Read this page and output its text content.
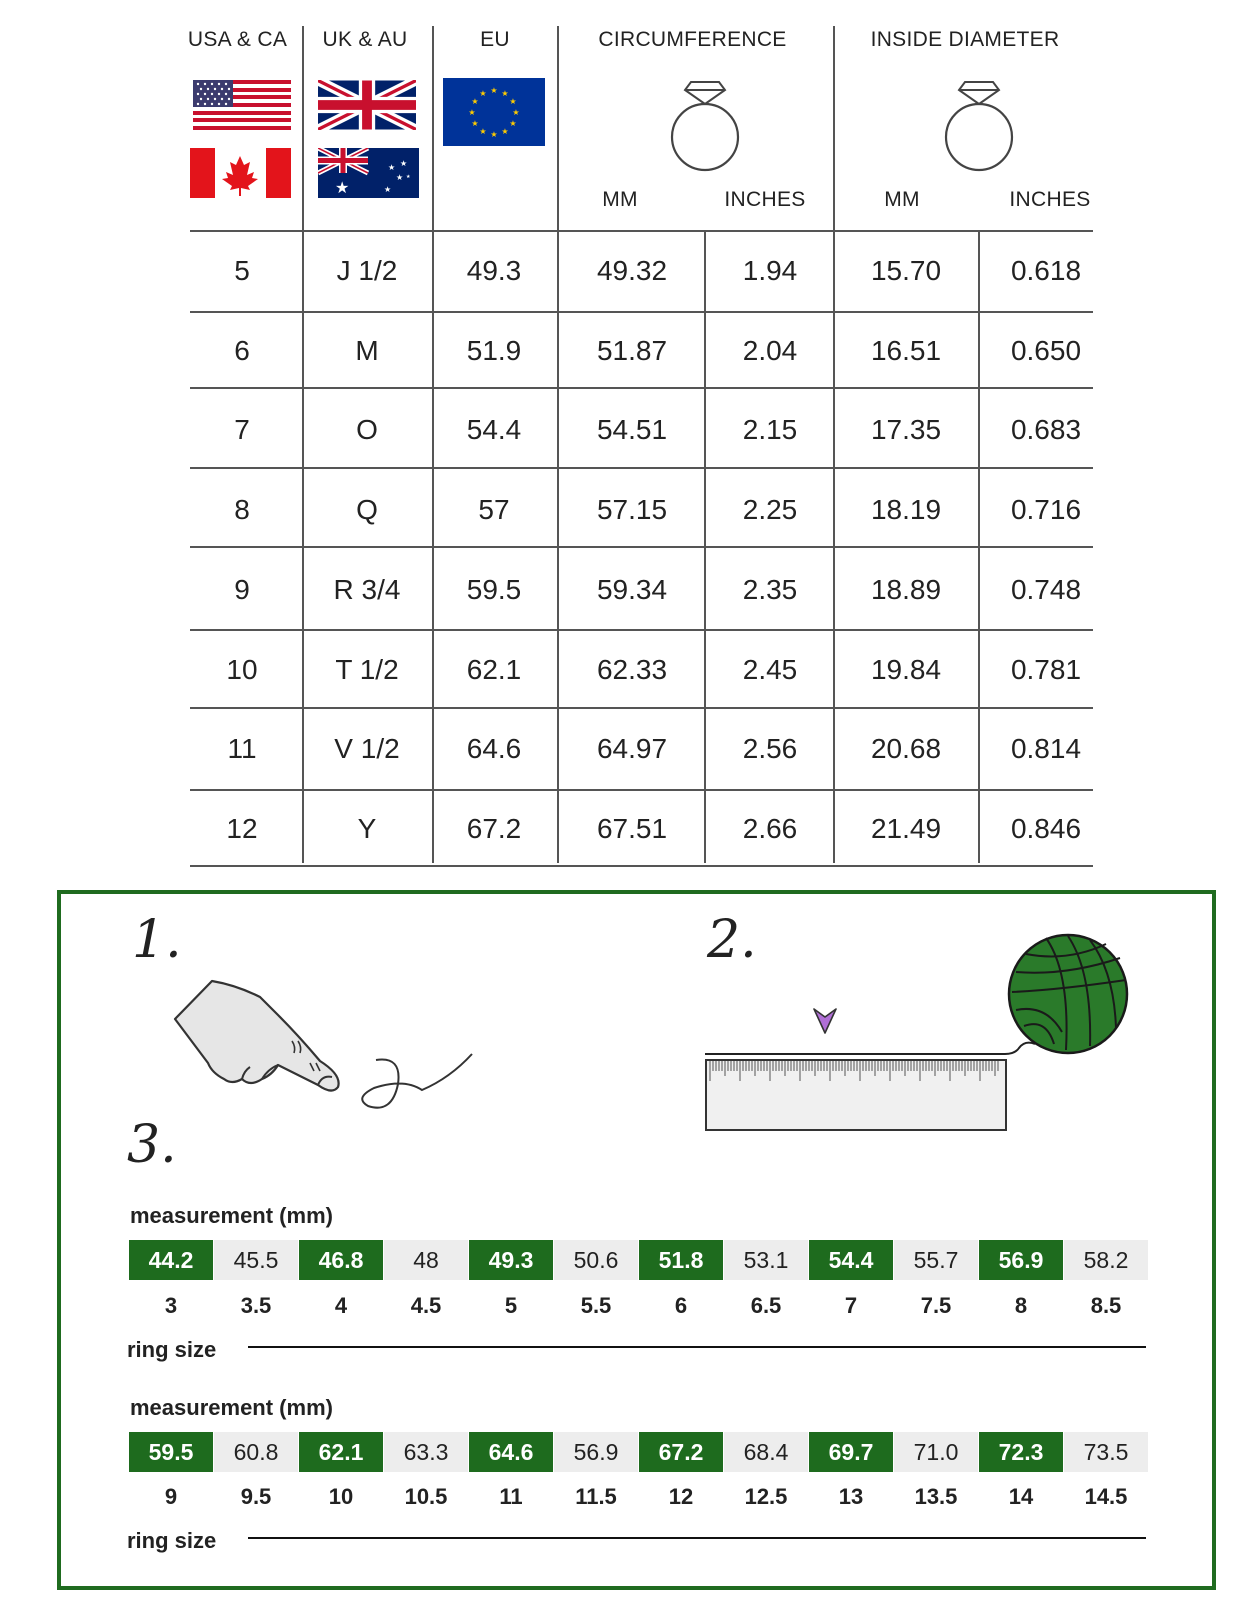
USA & CA	UK & AU	EU	CIRCUMFERENCE	INSIDE DIAMETER
★
★ ★
★
★
★
★ ★
★
★
★
★
★
★
★
★
★
★
MM	INCHES	MM	INCHES
5	J 1/2	49.3	49.32	1.94	15.70	0.618
6	M	51.9	51.87	2.04	16.51	0.650
7	O	54.4	54.51	2.15	17.35	0.683
8	Q	57	57.15	2.25	18.19	0.716
9	R 3/4	59.5	59.34	2.35	18.89	0.748
10	T 1/2	62.1	62.33	2.45	19.84	0.781
11	V 1/2	64.6	64.97	2.56	20.68	0.814
12	Y	67.2	67.51	2.66	21.49	0.846
1.	2.
3.
measurement (mm)
44.2	45.5	46.8	48	49.3	50.6	51.8	53.1	54.4	55.7	56.9	58.2
3	3.5	4	4.5	5	5.5	6	6.5	7	7.5	8	8.5
ring size
measurement (mm)
59.5	60.8	62.1	63.3	64.6	56.9	67.2	68.4	69.7	71.0	72.3	73.5
9	9.5	10	10.5	11	11.5	12	12.5	13	13.5	14	14.5
ring size
